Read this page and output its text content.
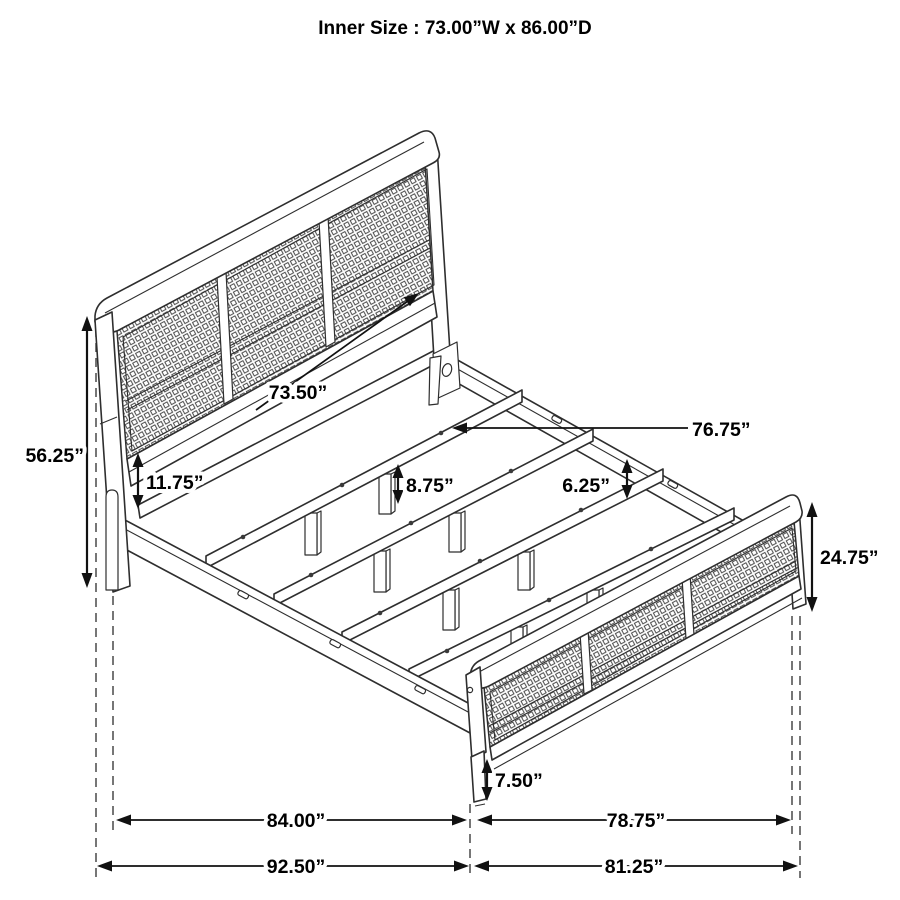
Inner Size : 73.00”W x 86.00”D
56.25”
73.50”
76.75”
11.75”	8.75”	6.25”
24.75”
7.50”
84.00”	78.75”
92.50”	81.25”
